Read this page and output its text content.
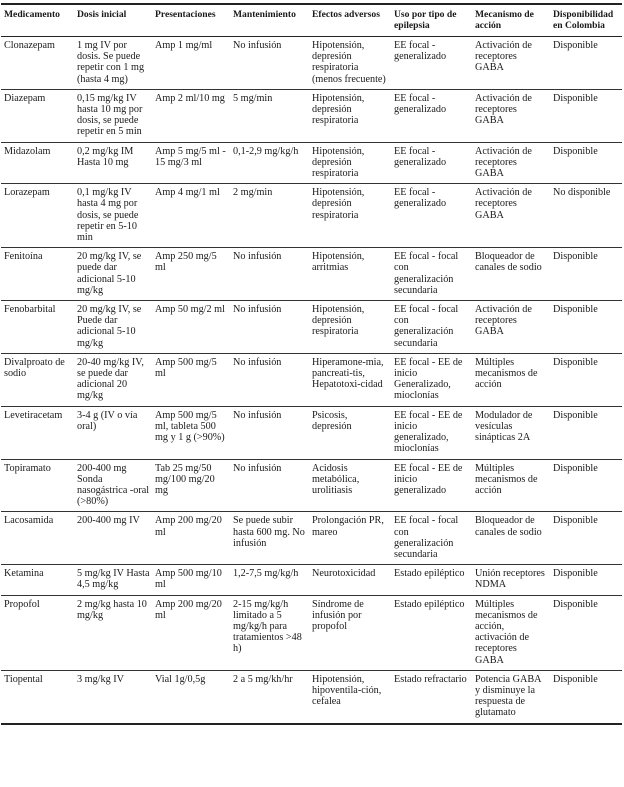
Medicamento	Dosis inicial	Presentaciones	Mantenimiento	Efectos adversos	Uso por tipo de epilepsia	Mecanismo de acción	Disponibilidad en Colombia
Clonazepam	1 mg IV por dosis. Se puede repetir con 1 mg (hasta 4 mg)	Amp 1 mg/ml	No infusión	Hipotensión, depresión respiratoria (menos frecuente)	EE focal -generalizado	Activación de receptores GABA	Disponible
Diazepam	0,15 mg/kg IV hasta 10 mg por dosis, se puede repetir en 5 min	Amp 2 ml/10 mg	5 mg/min	Hipotensión, depresión respiratoria	EE focal -generalizado	Activación de receptores GABA	Disponible
Midazolam	0,2 mg/kg IM Hasta 10 mg	Amp 5 mg/5 ml - 15 mg/3 ml	0,1-2,9 mg/kg/h	Hipotensión, depresión respiratoria	EE focal -generalizado	Activación de receptores GABA	Disponible
Lorazepam	0,1 mg/kg IV hasta 4 mg por dosis, se puede repetir en 5-10 min	Amp 4 mg/1 ml	2 mg/min	Hipotensión, depresión respiratoria	EE focal -generalizado	Activación de receptores GABA	No disponible
Fenitoína	20 mg/kg IV, se puede dar adicional 5-10 mg/kg	Amp 250 mg/5 ml	No infusión	Hipotensión, arritmias	EE focal - focal con generalización secundaria	Bloqueador de canales de sodio	Disponible
Fenobarbital	20 mg/kg IV, se Puede dar adicional 5-10 mg/kg	Amp 50 mg/2 ml	No infusión	Hipotensión, depresión respiratoria	EE focal - focal con generalización secundaria	Activación de receptores GABA	Disponible
Divalproato de sodio	20-40 mg/kg IV, se puede dar adicional 20 mg/kg	Amp 500 mg/5 ml	No infusión	Hiperamone-mia, pancreati-tis, Hepatotoxi-cidad	EE focal - EE de inicio Generalizado, mioclonías	Múltiples mecanismos de acción	Disponible
Levetiracetam	3-4 g (IV o vía oral)	Amp 500 mg/5 ml, tableta 500 mg y 1 g (>90%)	No infusión	Psicosis, depresión	EE focal - EE de inicio generalizado, mioclonías	Modulador de vesículas sinápticas 2A	Disponible
Topiramato	200-400 mg Sonda nasogástrica -oral (>80%)	Tab 25 mg/50 mg/100 mg/20 mg	No infusión	Acidosis metabólica, urolitiasis	EE focal - EE de inicio generalizado	Múltiples mecanismos de acción	Disponible
Lacosamida	200-400 mg IV	Amp 200 mg/20 ml	Se puede subir hasta 600 mg. No infusión	Prolongación PR, mareo	EE focal - focal con generalización secundaria	Bloqueador de canales de sodio	Disponible
Ketamina	5 mg/kg IV Hasta 4,5 mg/kg	Amp 500 mg/10 ml	1,2-7,5 mg/kg/h	Neurotoxicidad	Estado epiléptico	Unión receptores NDMA	Disponible
Propofol	2 mg/kg hasta 10 mg/kg	Amp 200 mg/20 ml	2-15 mg/kg/h limitado a 5 mg/kg/h para tratamientos >48 h)	Síndrome de infusión por propofol	Estado epiléptico	Múltiples mecanismos de acción, activación de receptores GABA	Disponible
Tiopental	3 mg/kg IV	Vial 1g/0,5g	2 a 5 mg/kh/hr	Hipotensión, hipoventila-ción, cefalea	Estado refractario	Potencia GABA y disminuye la respuesta de glutamato	Disponible
